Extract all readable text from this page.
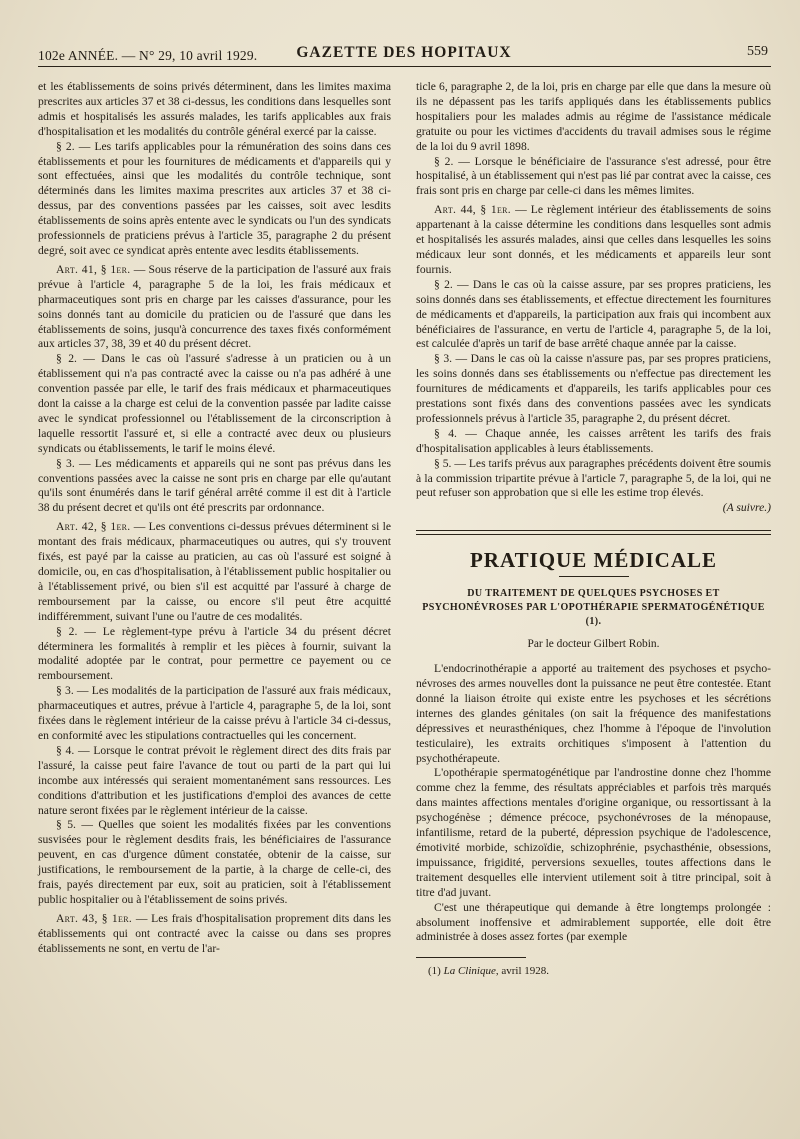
102e ANNÉE. — N° 29, 10 avril 1929.	GAZETTE DES HOPITAUX	559

et les établissements de soins privés déterminent, dans les limites maxima prescrites aux articles 37 et 38 ci-dessus, les conditions dans lesquelles sont admis et hospitalisés les assurés malades, les tarifs applicables aux frais d'hospitalisation et les modalités du contrôle général exercé par la caisse.

§ 2. — Les tarifs applicables pour la rémunération des soins dans ces établissements et pour les fournitures de médicaments et d'appareils qui y sont effectuées, ainsi que les modalités du contrôle technique, sont déterminés dans les limites maxima prescrites aux articles 37 et 38 ci-dessus, par des conventions passées par les caisses, soit avec lesdits établissements de soins après entente avec le syndicats ou l'un des syndicats professionnels de praticiens prévus à l'article 35, paragraphe 2 du présent degré, soit avec ce syndicat après entente avec lesdits établissements.

Art. 41, § 1er. — Sous réserve de la participation de l'assuré aux frais prévue à l'article 4, paragraphe 5 de la loi, les frais médicaux et pharmaceutiques sont pris en charge par les caisses d'assurance, pour les soins donnés tant au domicile du praticien ou de l'assuré que dans les établissements de soins, jusqu'à concurrence des taxes fixés conformément aux articles 37, 38, 39 et 40 du présent décret.

§ 2. — Dans le cas où l'assuré s'adresse à un praticien ou à un établissement qui n'a pas contracté avec la caisse ou n'a pas adhéré à une convention passée par elle, le tarif des frais médicaux et pharmaceutiques dont la caisse a la charge est celui de la convention passée par ladite caisse avec le syndicat professionnel ou l'établissement de la circonscription à laquelle ressortit l'assuré et, si elle a contracté avec deux ou plusieurs syndicats ou établissements, le tarif le moins élevé.

§ 3. — Les médicaments et appareils qui ne sont pas prévus dans les conventions passées avec la caisse ne sont pris en charge par elle qu'autant qu'ils sont énumérés dans le tarif général arrêté comme il est dit à l'article 38 du présent decret et qu'ils ont été prescrits par ordonnance.

Art. 42, § 1er. — Les conventions ci-dessus prévues déterminent si le montant des frais médicaux, pharmaceutiques ou autres, qui s'y trouvent fixés, est payé par la caisse au praticien, au cas où l'assuré est soigné à domicile, ou, en cas d'hospitalisation, à l'établissement public hospitalier ou à l'établissement privé, ou bien s'il est acquitté par l'assuré à charge de remboursement par la caisse, ou encore s'il peut être acquitté indifféremment, suivant l'une ou l'autre de ces modalités.

§ 2. — Le règlement-type prévu à l'article 34 du présent décret déterminera les formalités à remplir et les pièces à fournir, suivant la modalité adoptée par le contrat, pour permettre ce payement ou ce remboursement.

§ 3. — Les modalités de la participation de l'assuré aux frais médicaux, pharmaceutiques et autres, prévue à l'article 4, paragraphe 5, de la loi, sont fixées dans le règlement intérieur de la caisse prévu à l'article 34 ci-dessus, en conformité avec les stipulations contractuelles qui les concernent.

§ 4. — Lorsque le contrat prévoit le règlement direct des dits frais par l'assuré, la caisse peut faire l'avance de tout ou parti de la part qui lui incombe aux intéressés qui seraient momentanément sans ressources. Les conditions d'attribution et les justifications d'emploi des avances de cette nature seront fixées par le règlement intérieur de la caisse.

§ 5. — Quelles que soient les modalités fixées par les conventions susvisées pour le règlement desdits frais, les bénéficiaires de l'assurance peuvent, en cas d'urgence dûment constatée, obtenir de la caisse, sur justifications, le remboursement de la partie, à la charge de celle-ci, des frais, payés directement par eux, soit au praticien, soit à l'établissement public hospitalier ou à l'établissement de soins privés.

Art. 43, § 1er. — Les frais d'hospitalisation proprement dits dans les établissements qui ont contracté avec la caisse ou dans ses propres établissements ne sont, en vertu de l'ar-

ticle 6, paragraphe 2, de la loi, pris en charge par elle que dans la mesure où ils ne dépassent pas les tarifs appliqués dans les établissements publics hospitaliers pour les malades admis au régime de l'assistance médicale gratuite ou pour les victimes d'accidents du travail admises sous le régime de la loi du 9 avril 1898.

§ 2. — Lorsque le bénéficiaire de l'assurance s'est adressé, pour être hospitalisé, à un établissement qui n'est pas lié par contrat avec la caisse, ces frais sont pris en charge par celle-ci dans les mêmes limites.

Art. 44, § 1er. — Le règlement intérieur des établissements de soins appartenant à la caisse détermine les conditions dans lesquelles sont admis et hospitalisés les assurés malades, ainsi que celles dans lesquelles les soins médicaux leur sont donnés, et les médicaments et appareils leur sont fournis.

§ 2. — Dans le cas où la caisse assure, par ses propres praticiens, les soins donnés dans ses établissements, et effectue directement les fournitures de médicaments et d'appareils, la participation aux frais qui incombent aux bénéficiaires de l'assurance, en vertu de l'article 4, paragraphe 5, de la loi, est calculée d'après un tarif de base arrêté chaque année par la caisse.

§ 3. — Dans le cas où la caisse n'assure pas, par ses propres praticiens, les soins donnés dans ses établissements ou n'effectue pas directement les fournitures de médicaments et d'appareils, les tarifs applicables pour ces prestations sont fixés dans des conventions passées avec les syndicats professionnels prévus à l'article 35, paragraphe 2, du présent décret.

§ 4. — Chaque année, les caisses arrêtent les tarifs des frais d'hospitalisation applicables à leurs établissements.

§ 5. — Les tarifs prévus aux paragraphes précédents doivent être soumis à la commission tripartite prévue à l'article 7, paragraphe 5, de la loi, qui ne peut refuser son approbation que si elle les estime trop élevés.

(A suivre.)

PRATIQUE MÉDICALE
DU TRAITEMENT DE QUELQUES PSYCHOSES ET PSYCHONÉVROSES PAR L'OPOTHÉRAPIE SPERMATOGÉNÉTIQUE (1).
Par le docteur Gilbert Robin.

L'endocrinothérapie a apporté au traitement des psychoses et psycho-névroses des armes nouvelles dont la puissance ne peut être contestée. Etant donné la liaison étroite qui existe entre les psychoses et les sécrétions internes des glandes génitales (on sait la fréquence des manifestations dépressives et neurasthéniques, chez l'homme à l'époque de l'involution testiculaire), les extraits orchitiques s'imposent à l'attention du psychothérapeute.

L'opothérapie spermatogénétique par l'androstine donne chez l'homme comme chez la femme, des résultats appréciables et parfois très marqués dans maintes affections mentales d'origine organique, ou ressortissant à la psychogénèse ; démence précoce, psychonévroses de la ménopause, infantilisme, retard de la puberté, dépression psychique de l'adolescence, émotivité morbide, schizoïdie, schizophrénie, psychasthénie, obsessions, impuissance, frigidité, perversions sexuelles, toutes affections dans le traitement desquelles elle intervient utilement soit à titre principal, soit à titre d'ad juvant.

C'est une thérapeutique qui demande à être longtemps prolongée : absolument inoffensive et admirablement supportée, elle doit être administrée à doses assez fortes (par exemple

(1) La Clinique, avril 1928.
